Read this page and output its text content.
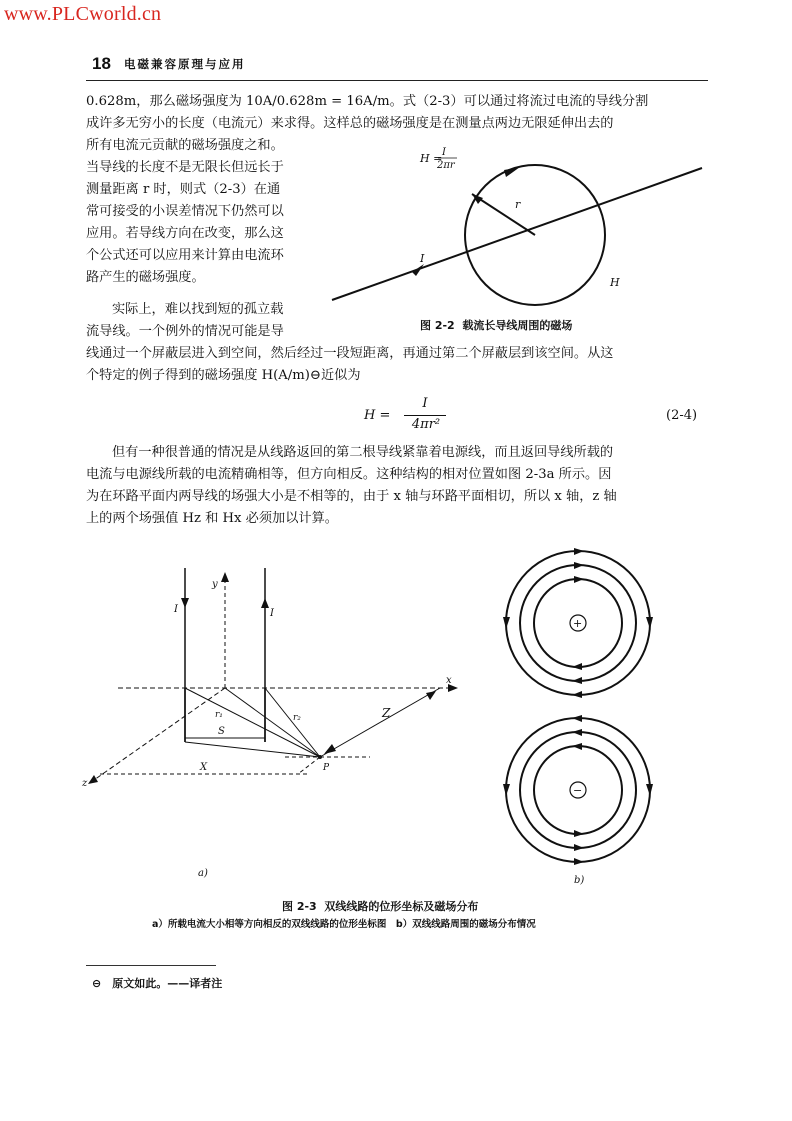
www.PLCworld.cn
18 电磁兼容原理与应用
0.628m，那么磁场强度为 10A/0.628m = 16A/m。式（2-3）可以通过将流过电流的导线分割
成许多无穷小的长度（电流元）来求得。这样总的磁场强度是在测量点两边无限延伸出去的
所有电流元贡献的磁场强度之和。
当导线的长度不是无限长但远长于
测量距离 r 时，则式（2-3）在通
常可接受的小误差情况下仍然可以
应用。若导线方向在改变，那么这
个公式还可以应用来计算由电流环
路产生的磁场强度。
实际上，难以找到短的孤立载
流导线。一个例外的情况可能是导
线通过一个屏蔽层进入到空间，然后经过一段短距离，再通过第二个屏蔽层到该空间。从这
个特定的例子得到的磁场强度 H(A/m)⊖近似为
H =
I
4πr²
(2-4)
但有一种很普通的情况是从线路返回的第二根导线紧靠着电源线，而且返回导线所载的
电流与电源线所载的电流精确相等，但方向相反。这种结构的相对位置如图 2-3a 所示。因
为在环路平面内两导线的场强大小是不相等的，由于 x 轴与环路平面相切，所以 x 轴，z 轴
上的两个场强值 Hz 和 Hx 必须加以计算。
H = I
2πr
r
I
H
图 2-2 载流长导线周围的磁场
I	I
y
x
z
S
r₁	r₂
X
Z
P
a)
+
−
b)
图 2-3 双线线路的位形坐标及磁场分布
a）所载电流大小相等方向相反的双线线路的位形坐标图　b）双线线路周围的磁场分布情况
⊖　原文如此。——译者注
